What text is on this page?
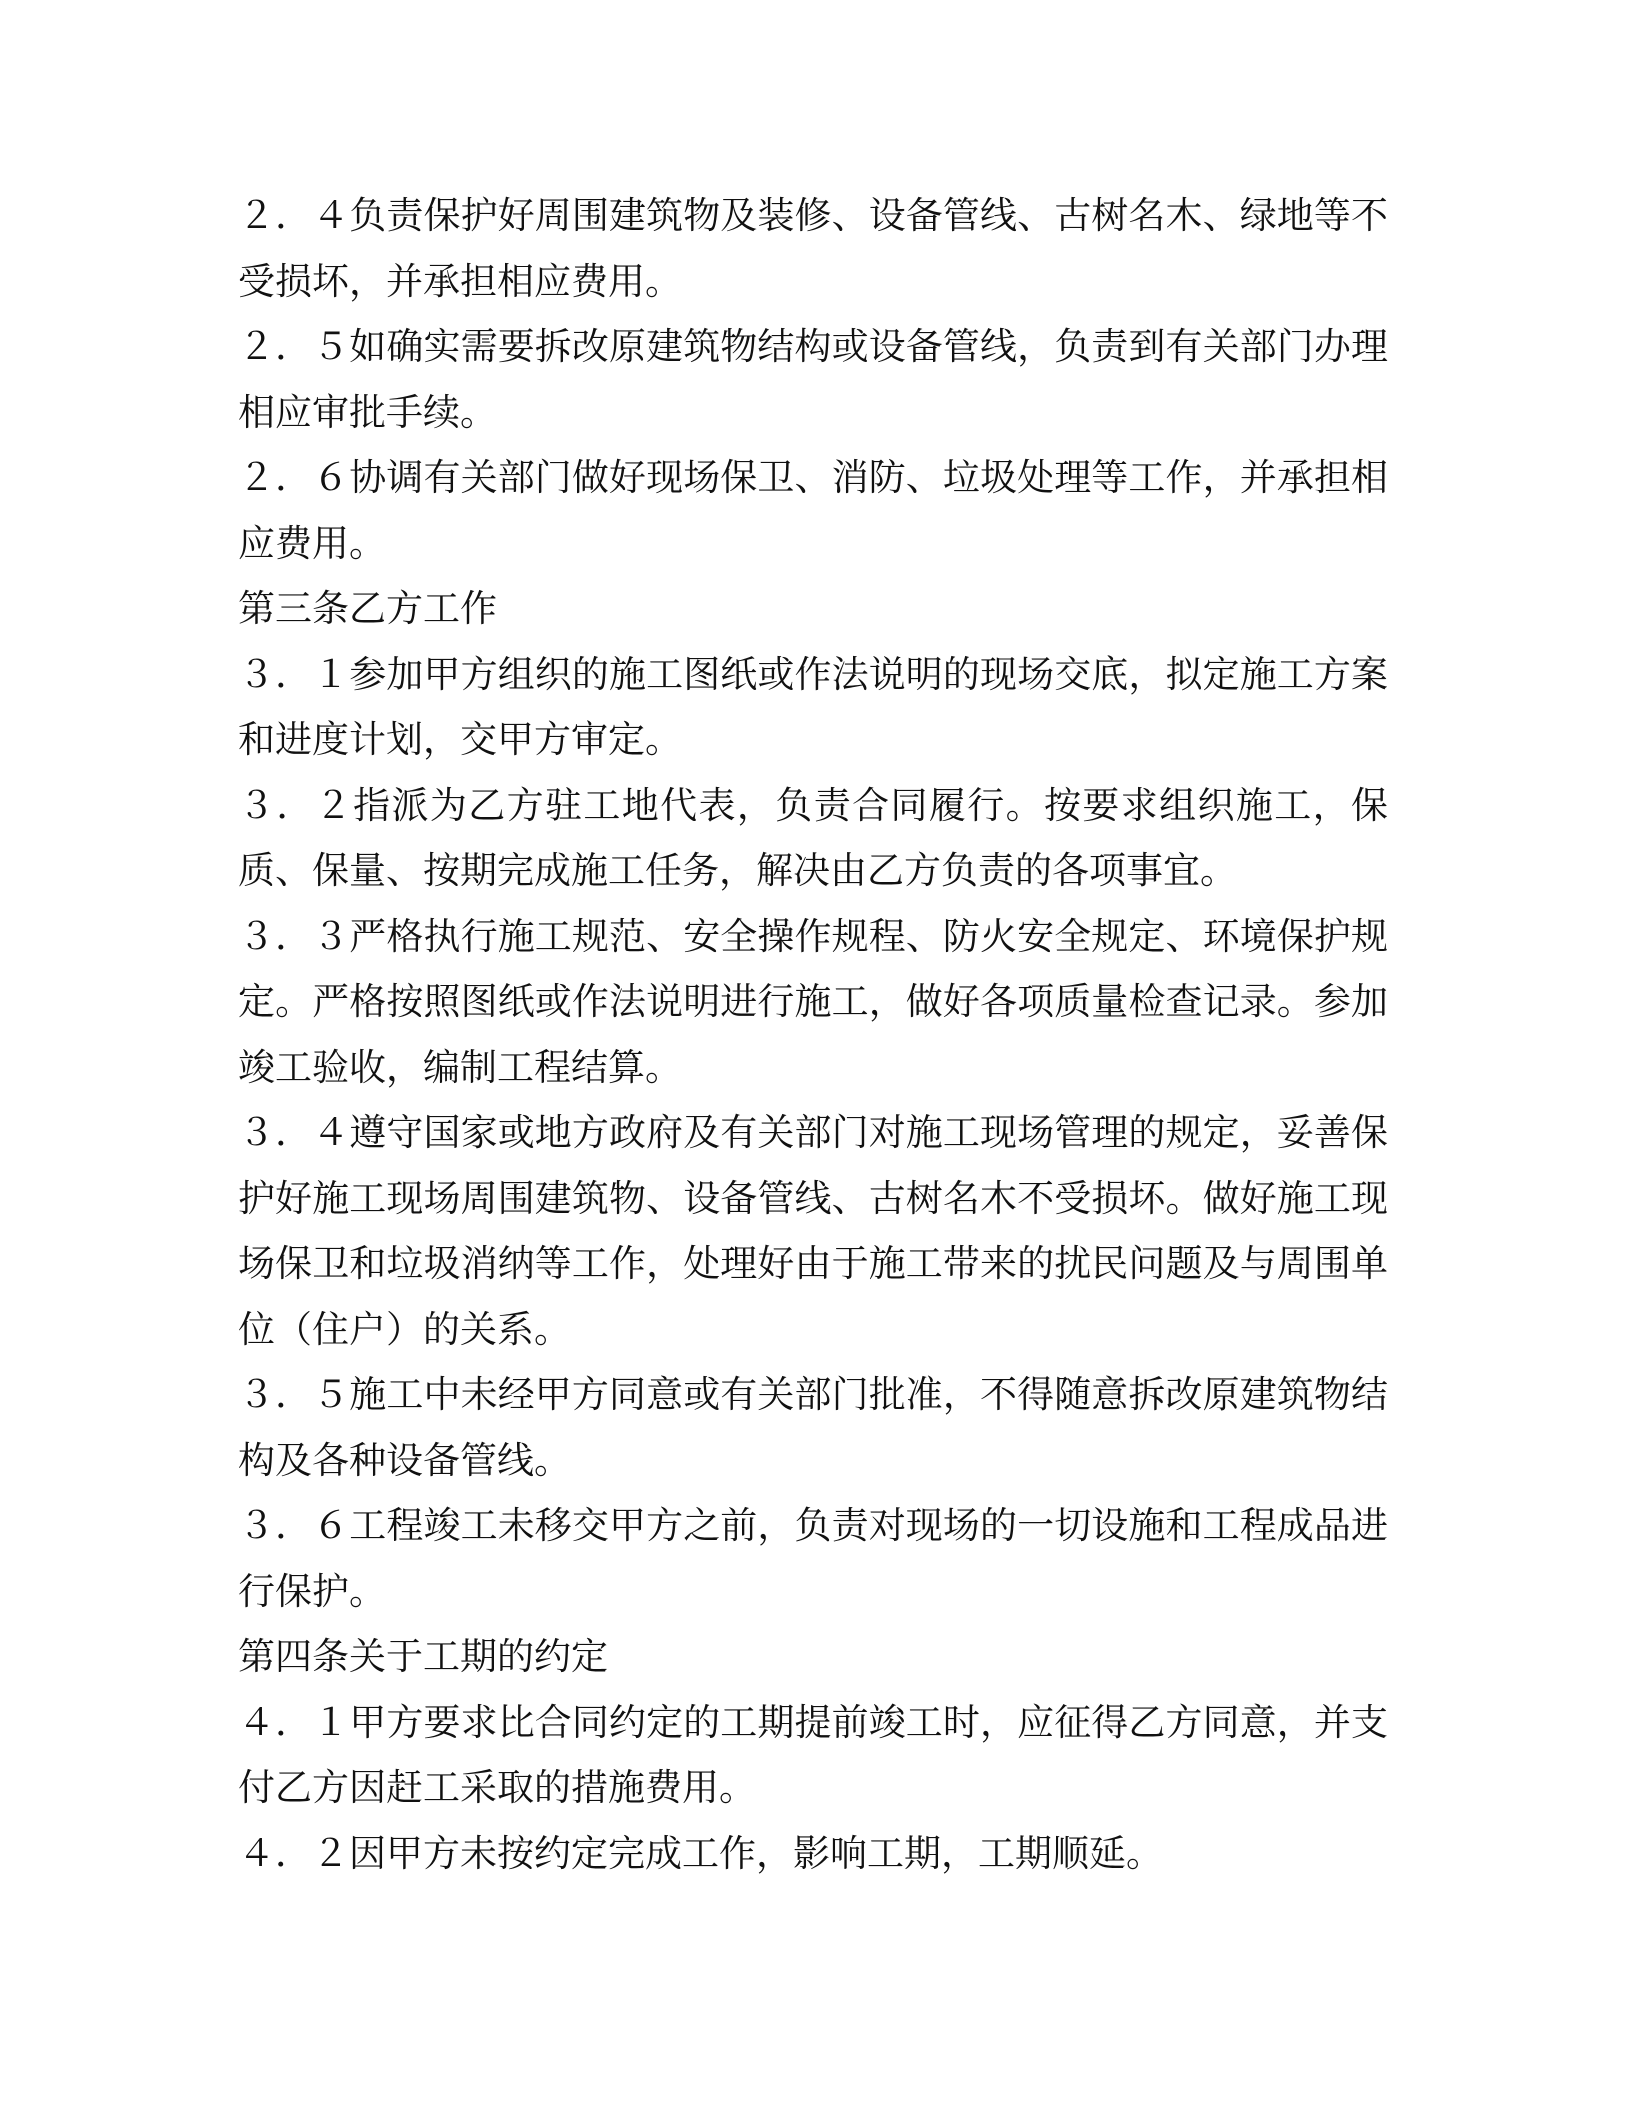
２．４负责保护好周围建筑物及装修、设备管线、古树名木、绿地等不受损坏，并承担相应费用。

２．５如确实需要拆改原建筑物结构或设备管线，负责到有关部门办理相应审批手续。

２．６协调有关部门做好现场保卫、消防、垃圾处理等工作，并承担相应费用。

第三条乙方工作

３．１参加甲方组织的施工图纸或作法说明的现场交底，拟定施工方案和进度计划，交甲方审定。

３．２指派为乙方驻工地代表，负责合同履行。按要求组织施工，保质、保量、按期完成施工任务，解决由乙方负责的各项事宜。

３．３严格执行施工规范、安全操作规程、防火安全规定、环境保护规定。严格按照图纸或作法说明进行施工，做好各项质量检查记录。参加竣工验收，编制工程结算。

３．４遵守国家或地方政府及有关部门对施工现场管理的规定，妥善保护好施工现场周围建筑物、设备管线、古树名木不受损坏。做好施工现场保卫和垃圾消纳等工作，处理好由于施工带来的扰民问题及与周围单位（住户）的关系。

３．５施工中未经甲方同意或有关部门批准，不得随意拆改原建筑物结构及各种设备管线。

３．６工程竣工未移交甲方之前，负责对现场的一切设施和工程成品进行保护。

第四条关于工期的约定

４．１甲方要求比合同约定的工期提前竣工时，应征得乙方同意，并支付乙方因赶工采取的措施费用。

４．２因甲方未按约定完成工作，影响工期，工期顺延。
